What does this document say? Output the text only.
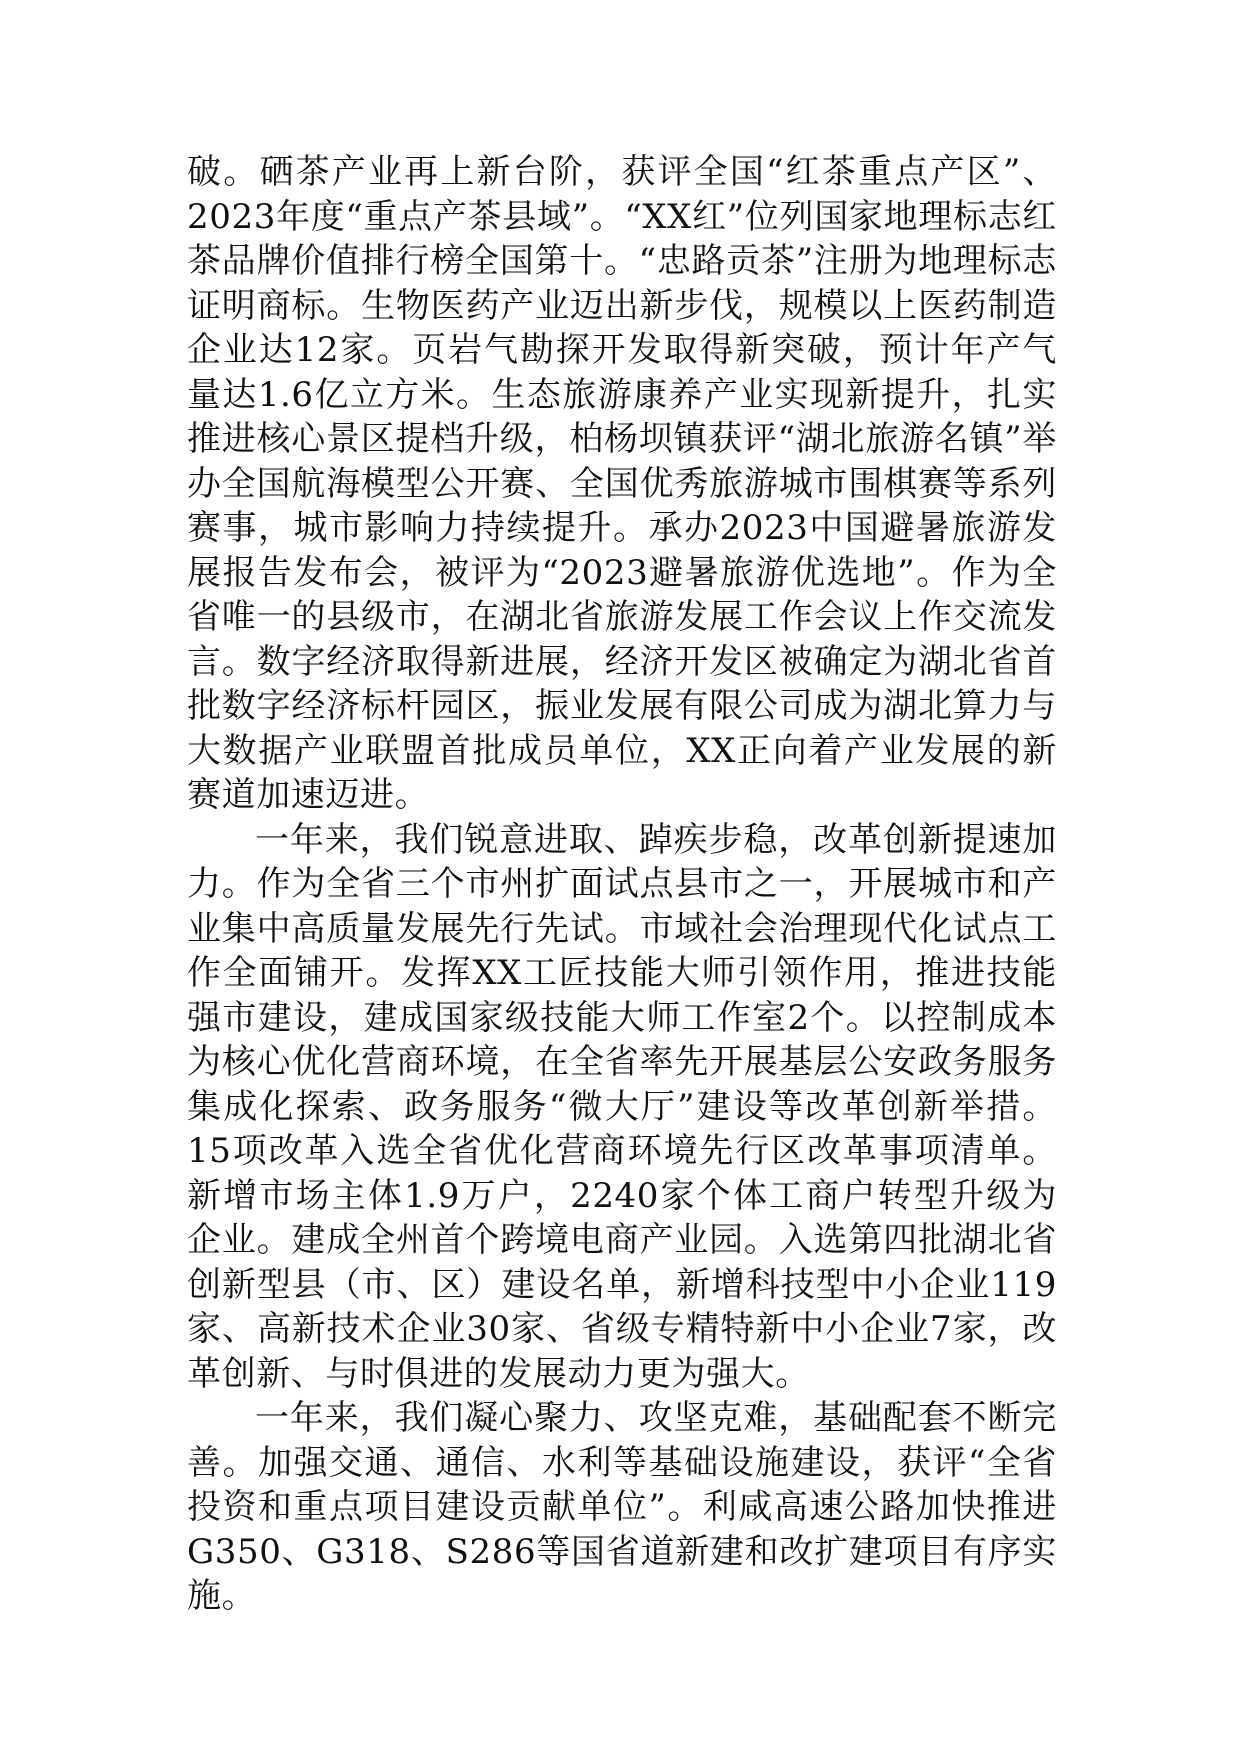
破。硒茶产业再上新台阶，获评全国“红茶重点产区”、2023年度“重点产茶县域”。“XX红”位列国家地理标志红茶品牌价值排行榜全国第十。“忠路贡茶”注册为地理标志证明商标。生物医药产业迈出新步伐，规模以上医药制造企业达12家。页岩气勘探开发取得新突破，预计年产气量达1.6亿立方米。生态旅游康养产业实现新提升，扎实推进核心景区提档升级，柏杨坝镇获评“湖北旅游名镇”举办全国航海模型公开赛、全国优秀旅游城市围棋赛等系列赛事，城市影响力持续提升。承办2023中国避暑旅游发展报告发布会，被评为“2023避暑旅游优选地”。作为全省唯一的县级市，在湖北省旅游发展工作会议上作交流发言。数字经济取得新进展，经济开发区被确定为湖北省首批数字经济标杆园区，振业发展有限公司成为湖北算力与大数据产业联盟首批成员单位，XX正向着产业发展的新赛道加速迈进。

一年来，我们锐意进取、踔疾步稳，改革创新提速加力。作为全省三个市州扩面试点县市之一，开展城市和产业集中高质量发展先行先试。市域社会治理现代化试点工作全面铺开。发挥XX工匠技能大师引领作用，推进技能强市建设，建成国家级技能大师工作室2个。以控制成本为核心优化营商环境，在全省率先开展基层公安政务服务集成化探索、政务服务“微大厅”建设等改革创新举措。15项改革入选全省优化营商环境先行区改革事项清单。新增市场主体1.9万户，2240家个体工商户转型升级为企业。建成全州首个跨境电商产业园。入选第四批湖北省创新型县（市、区）建设名单，新增科技型中小企业119家、高新技术企业30家、省级专精特新中小企业7家，改革创新、与时俱进的发展动力更为强大。

一年来，我们凝心聚力、攻坚克难，基础配套不断完善。加强交通、通信、水利等基础设施建设，获评“全省投资和重点项目建设贡献单位”。利咸高速公路加快推进G350、G318、S286等国省道新建和改扩建项目有序实施。
